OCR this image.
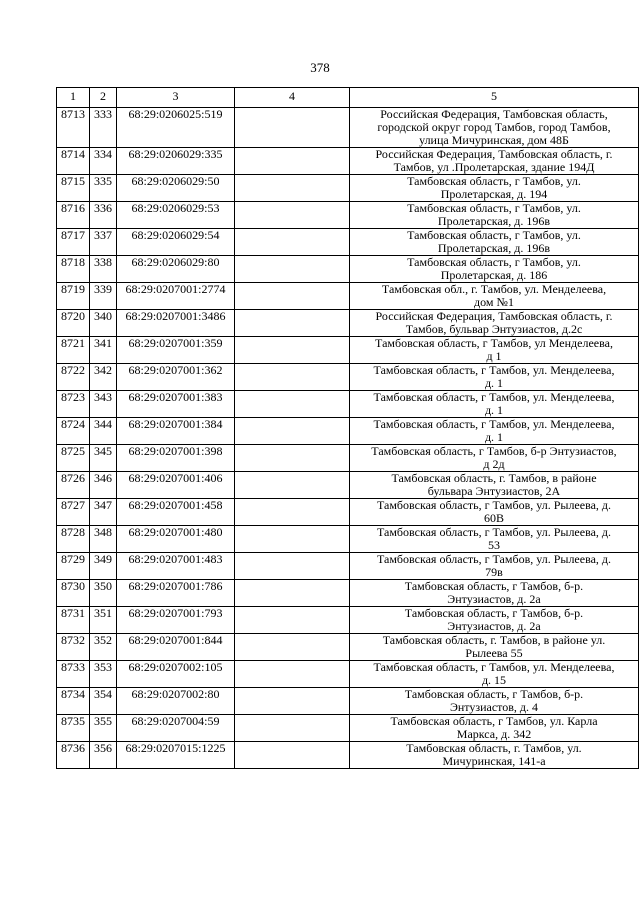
378
1	2	3	4	5
8713	333	68:29:0206025:519		Российская Федерация, Тамбовская область,
городской округ город Тамбов, город Тамбов,
улица Мичуринская, дом 48Б

8714	334	68:29:0206029:335		Российская Федерация, Тамбовская область, г.
Тамбов, ул .Пролетарская, здание 194Д

8715	335	68:29:0206029:50		Тамбовская область, г Тамбов, ул.
Пролетарская, д. 194

8716	336	68:29:0206029:53		Тамбовская область, г Тамбов, ул.
Пролетарская, д. 196в

8717	337	68:29:0206029:54		Тамбовская область, г Тамбов, ул.
Пролетарская, д. 196в

8718	338	68:29:0206029:80		Тамбовская область, г Тамбов, ул.
Пролетарская, д. 186

8719	339	68:29:0207001:2774		Тамбовская обл., г. Тамбов, ул. Менделеева,
дом №1

8720	340	68:29:0207001:3486		Российская Федерация, Тамбовская область, г.
Тамбов, бульвар Энтузиастов, д.2с

8721	341	68:29:0207001:359		Тамбовская область, г Тамбов, ул Менделеева,
д 1

8722	342	68:29:0207001:362		Тамбовская область, г Тамбов, ул. Менделеева,
д. 1

8723	343	68:29:0207001:383		Тамбовская область, г Тамбов, ул. Менделеева,
д. 1

8724	344	68:29:0207001:384		Тамбовская область, г Тамбов, ул. Менделеева,
д. 1

8725	345	68:29:0207001:398		Тамбовская область, г Тамбов, б-р Энтузиастов,
д 2д

8726	346	68:29:0207001:406		Тамбовская область, г. Тамбов, в районе
бульвара Энтузиастов, 2А

8727	347	68:29:0207001:458		Тамбовская область, г Тамбов, ул. Рылеева, д.
60В

8728	348	68:29:0207001:480		Тамбовская область, г Тамбов, ул. Рылеева, д.
53

8729	349	68:29:0207001:483		Тамбовская область, г Тамбов, ул. Рылеева, д.
79в

8730	350	68:29:0207001:786		Тамбовская область, г Тамбов, б-р.
Энтузиастов, д. 2а

8731	351	68:29:0207001:793		Тамбовская область, г Тамбов, б-р.
Энтузиастов, д. 2а

8732	352	68:29:0207001:844		Тамбовская область, г. Тамбов, в районе ул.
Рылеева 55

8733	353	68:29:0207002:105		Тамбовская область, г Тамбов, ул. Менделеева,
д. 15

8734	354	68:29:0207002:80		Тамбовская область, г Тамбов, б-р.
Энтузиастов, д. 4

8735	355	68:29:0207004:59		Тамбовская область, г Тамбов, ул. Карла
Маркса, д. 342

8736	356	68:29:0207015:1225		Тамбовская область, г. Тамбов, ул.
Мичуринская, 141-а
